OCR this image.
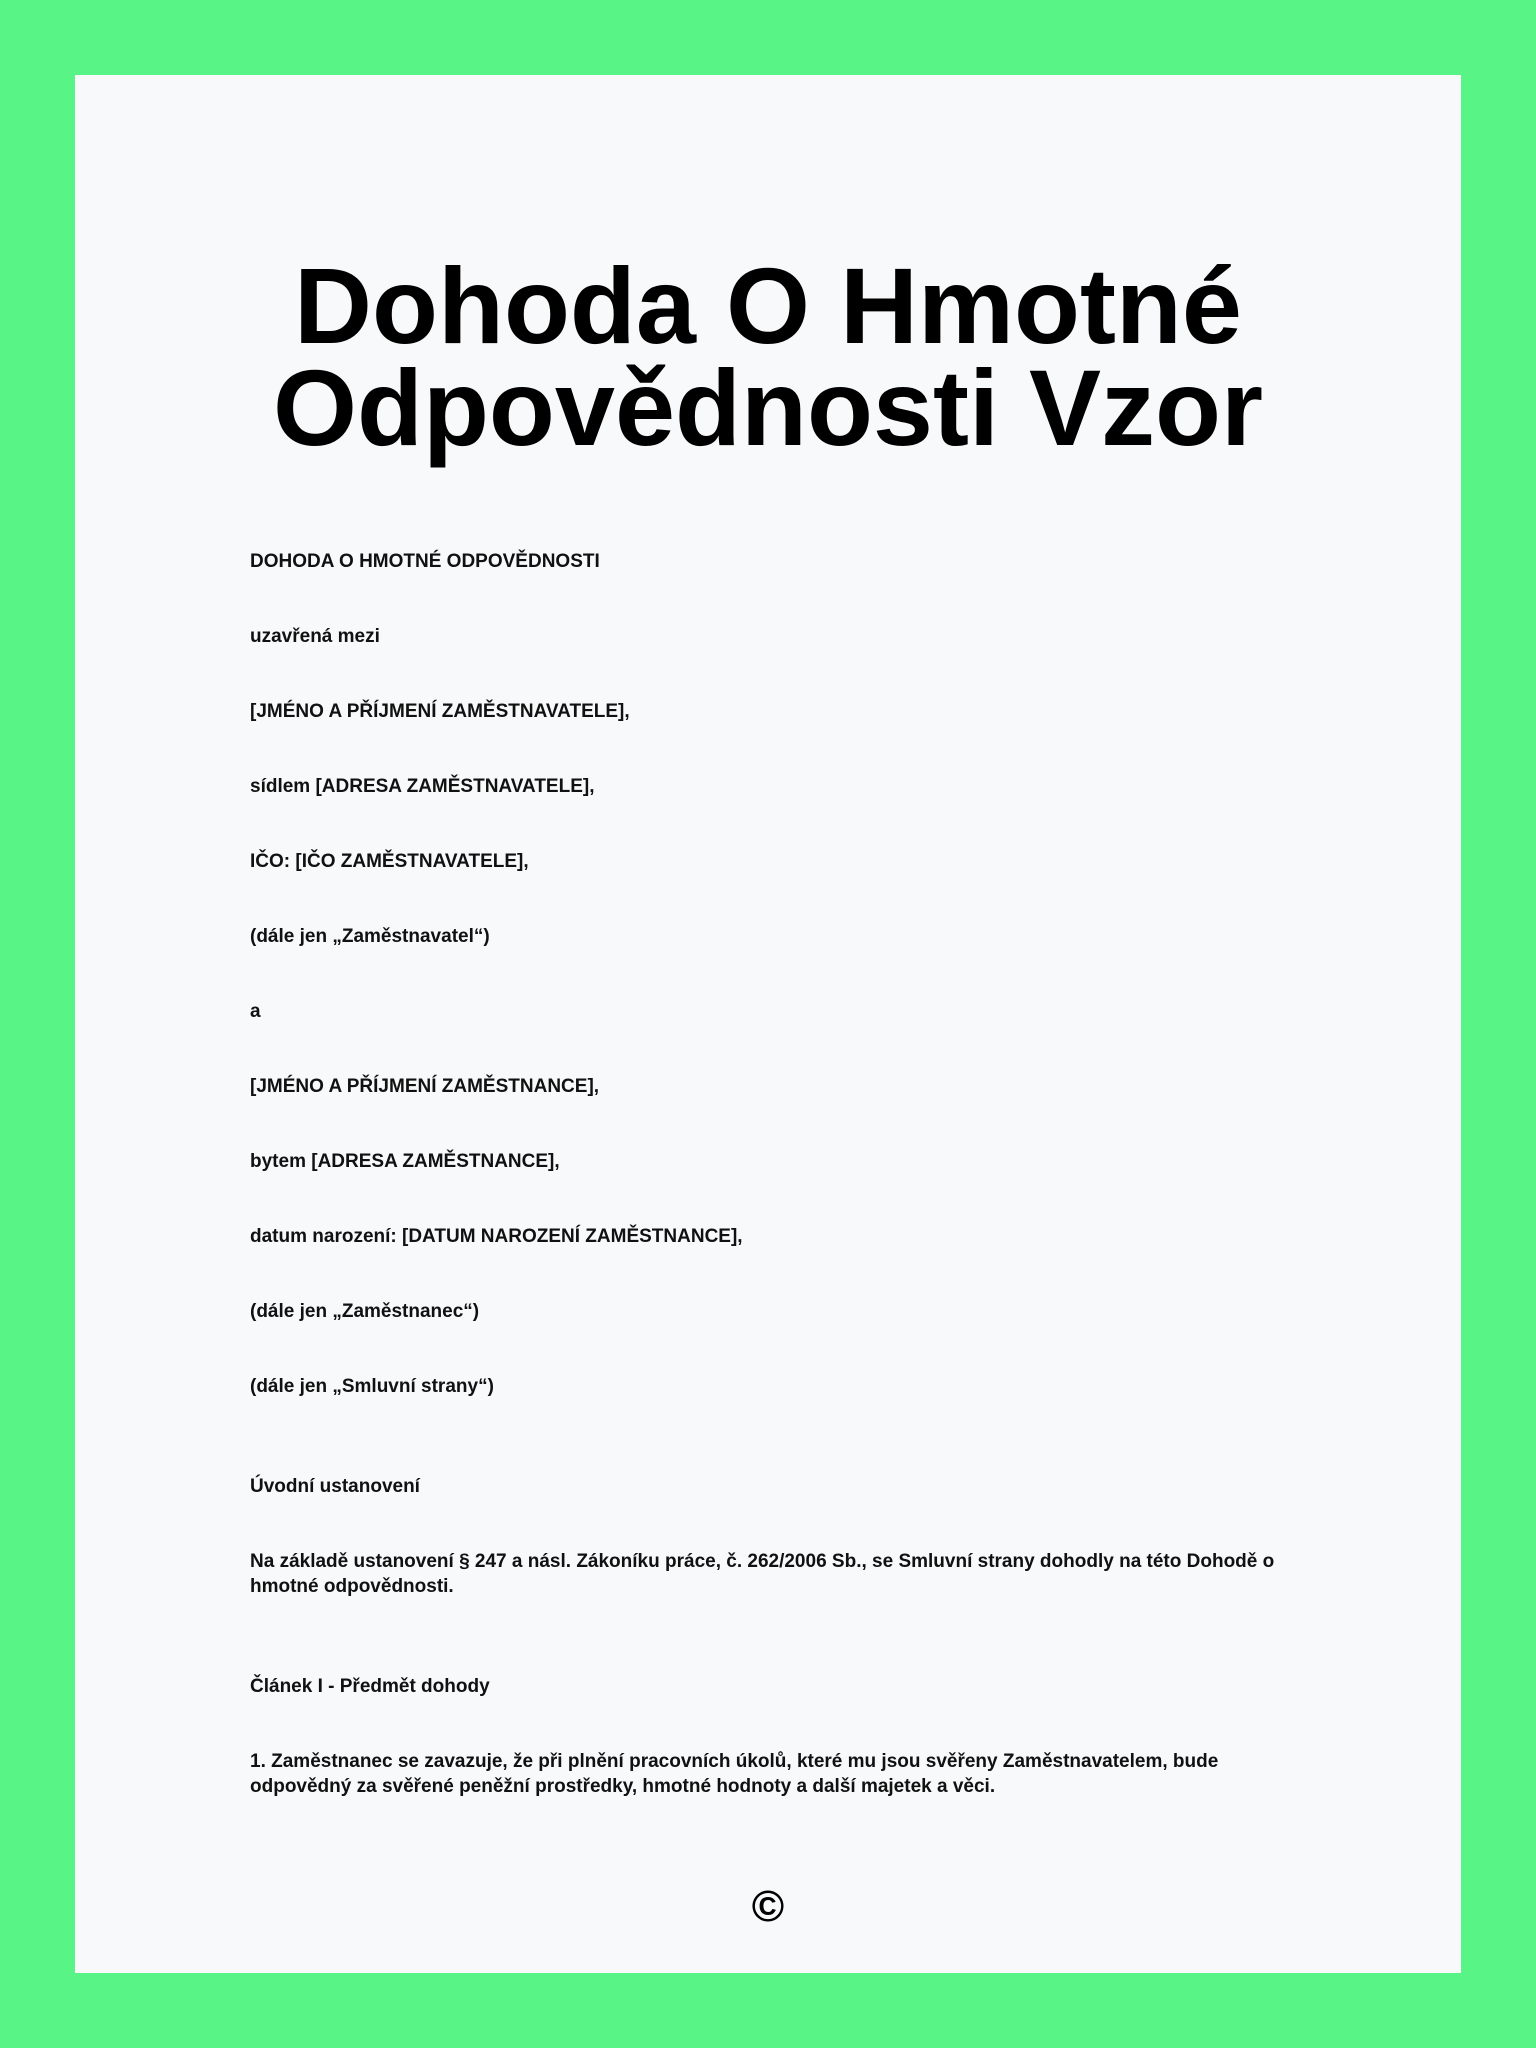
Dohoda O Hmotné
Odpovědnosti Vzor
DOHODA O HMOTNÉ ODPOVĚDNOSTI
uzavřená mezi
[JMÉNO A PŘÍJMENÍ ZAMĚSTNAVATELE],
sídlem [ADRESA ZAMĚSTNAVATELE],
IČO: [IČO ZAMĚSTNAVATELE],
(dále jen „Zaměstnavatel“)
a
[JMÉNO A PŘÍJMENÍ ZAMĚSTNANCE],
bytem [ADRESA ZAMĚSTNANCE],
datum narození: [DATUM NAROZENÍ ZAMĚSTNANCE],
(dále jen „Zaměstnanec“)
(dále jen „Smluvní strany“)
Úvodní ustanovení
Na základě ustanovení § 247 a násl. Zákoníku práce, č. 262/2006 Sb., se Smluvní strany dohodly na této Dohodě o hmotné odpovědnosti.
Článek I - Předmět dohody
1. Zaměstnanec se zavazuje, že při plnění pracovních úkolů, které mu jsou svěřeny Zaměstnavatelem, bude odpovědný za svěřené peněžní prostředky, hmotné hodnoty a další majetek a věci.
©
